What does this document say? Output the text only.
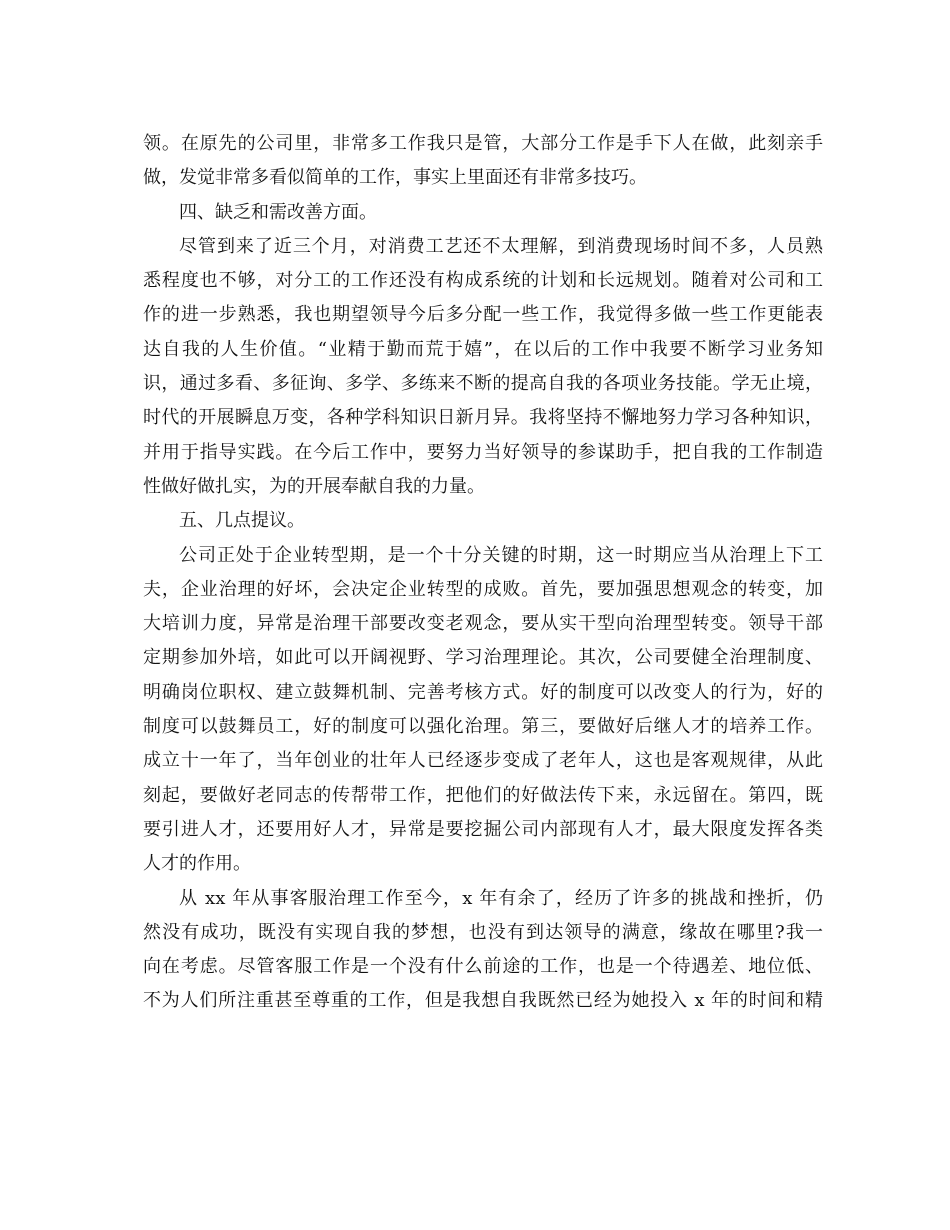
领。在原先的公司里，非常多工作我只是管，大部分工作是手下人在做，此刻亲手
做，发觉非常多看似简单的工作，事实上里面还有非常多技巧。
四、缺乏和需改善方面。
尽管到来了近三个月，对消费工艺还不太理解，到消费现场时间不多，人员熟
悉程度也不够，对分工的工作还没有构成系统的计划和长远规划。随着对公司和工
作的进一步熟悉，我也期望领导今后多分配一些工作，我觉得多做一些工作更能表
达自我的人生价值。“业精于勤而荒于嬉”，在以后的工作中我要不断学习业务知
识，通过多看、多征询、多学、多练来不断的提高自我的各项业务技能。学无止境，
时代的开展瞬息万变，各种学科知识日新月异。我将坚持不懈地努力学习各种知识，
并用于指导实践。在今后工作中，要努力当好领导的参谋助手，把自我的工作制造
性做好做扎实，为的开展奉献自我的力量。
五、几点提议。
公司正处于企业转型期，是一个十分关键的时期，这一时期应当从治理上下工
夫，企业治理的好坏，会决定企业转型的成败。首先，要加强思想观念的转变，加
大培训力度，异常是治理干部要改变老观念，要从实干型向治理型转变。领导干部
定期参加外培，如此可以开阔视野、学习治理理论。其次，公司要健全治理制度、
明确岗位职权、建立鼓舞机制、完善考核方式。好的制度可以改变人的行为，好的
制度可以鼓舞员工，好的制度可以强化治理。第三，要做好后继人才的培养工作。
成立十一年了，当年创业的壮年人已经逐步变成了老年人，这也是客观规律，从此
刻起，要做好老同志的传帮带工作，把他们的好做法传下来，永远留在。第四，既
要引进人才，还要用好人才，异常是要挖掘公司内部现有人才，最大限度发挥各类
人才的作用。
从 xx 年从事客服治理工作至今，x 年有余了，经历了许多的挑战和挫折，仍
然没有成功，既没有实现自我的梦想，也没有到达领导的满意，缘故在哪里?我一
向在考虑。尽管客服工作是一个没有什么前途的工作，也是一个待遇差、地位低、
不为人们所注重甚至尊重的工作，但是我想自我既然已经为她投入 x 年的时间和精
